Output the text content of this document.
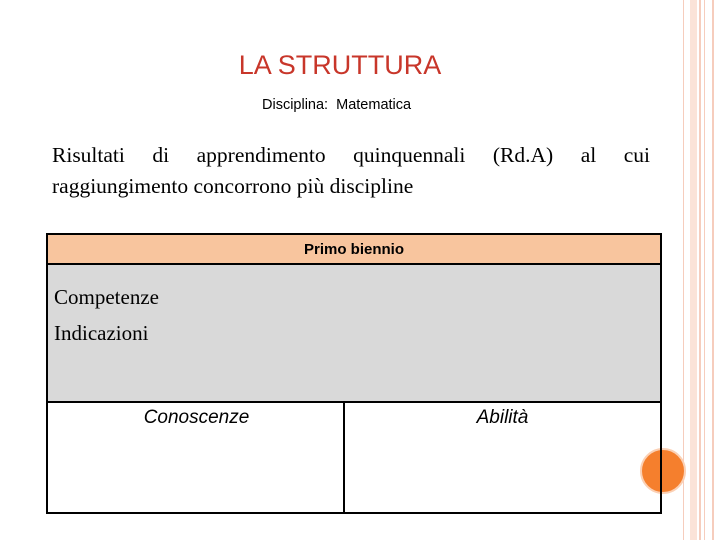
LA STRUTTURA
Disciplina:  Matematica
Risultati di apprendimento quinquennali (Rd.A) al cui raggiungimento concorrono più discipline
Primo biennio
Competenze
Indicazioni
Conoscenze	Abilità
